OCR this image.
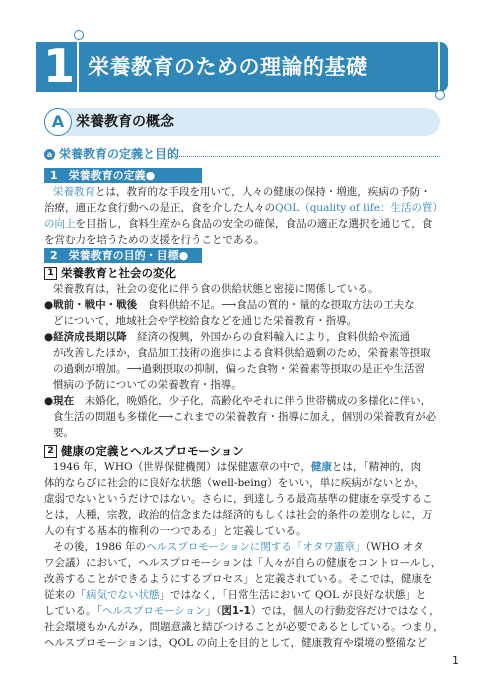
1 栄養教育のための理論的基礎
A 栄養教育の概念
a 栄養教育の定義と目的
1　栄養教育の定義●
栄養教育とは，教育的な手段を用いて，人々の健康の保持・増進，疾病の予防・
治療，適正な食行動への是正，食を介した人々のQOL（quality of life：生活の質）
の向上を目指し，食料生産から食品の安全の確保，食品の適正な選択を通じて，食
を営む力を培うための支援を行うことである。
2　栄養教育の目的・目標●
1 栄養教育と社会の変化
栄養教育は，社会の変化に伴う食の供給状態と密接に関係している。
●戦前・戦中・戦後　食料供給不足。⟶食品の質的・量的な摂取方法の工夫な
どについて，地域社会や学校給食などを通じた栄養教育・指導。
●経済成長期以降　経済の復興，外国からの食料輸入により，食料供給や流通
が改善したほか，食品加工技術の進歩による食料供給過剰のため，栄養素等摂取
の過剰が増加。⟶過剰摂取の抑制，偏った食物・栄養素等摂取の是正や生活習
慣病の予防についての栄養教育・指導。
●現在　未婚化，晩婚化，少子化，高齢化やそれに伴う世帯構成の多様化に伴い，
食生活の問題も多様化⟶これまでの栄養教育・指導に加え，個別の栄養教育が必
要。
2 健康の定義とヘルスプロモーション
1946 年，WHO（世界保健機関）は保健憲章の中で，健康とは，「精神的，肉
体的ならびに社会的に良好な状態（well-being）をいい，単に疾病がないとか，
虚弱でないというだけではない。さらに，到達しうる最高基準の健康を享受するこ
とは，人種，宗教，政治的信念または経済的もしくは社会的条件の差別なしに，万
人の有する基本的権利の一つである」と定義している。
その後，1986 年のヘルスプロモーションに関する「オタワ憲章」（WHO オタ
ワ会議）において，ヘルスプロモーションは「人々が自らの健康をコントロールし，
改善することができるようにするプロセス」と定義されている。そこでは，健康を
従来の「病気でない状態」ではなく，「日常生活において QOL が良好な状態」と
している。「ヘルスプロモーション」（図1-1）では，個人の行動変容だけではなく，
社会環境もかんがみ，問題意識と結びつけることが必要であるとしている。つまり，
ヘルスプロモーションは，QOL の向上を目的として，健康教育や環境の整備など
1
